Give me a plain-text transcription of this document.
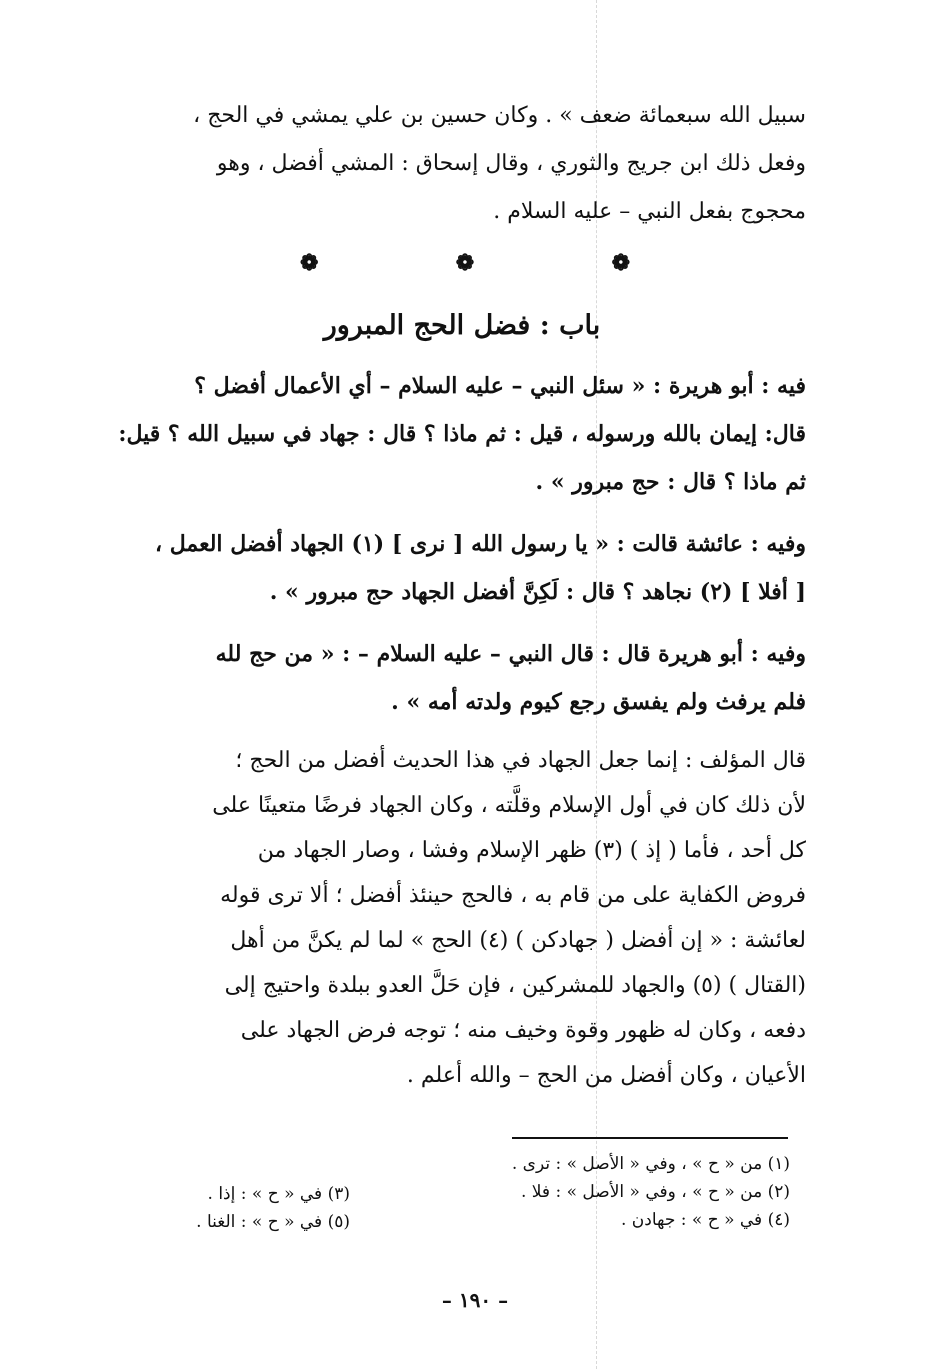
سبيل الله سبعمائة ضعف » . وكان حسين بن علي يمشي في الحج ،
وفعل ذلك ابن جريج والثوري ، وقال إسحاق : المشي أفضل ، وهو
محجوج بفعل النبي – عليه السلام .
❁	❁	❁
باب : فضل الحج المبرور
فيه : أبو هريرة : « سئل النبي – عليه السلام – أي الأعمال أفضل ؟
قال: إيمان بالله ورسوله ، قيل : ثم ماذا ؟ قال : جهاد في سبيل الله ؟ قيل:
ثم ماذا ؟ قال : حج مبرور » .
وفيه : عائشة قالت : « يا رسول الله [ نرى ] (١) الجهاد أفضل العمل ،
[ أفلا ] (٢) نجاهد ؟ قال : لَكِنَّ أفضل الجهاد حج مبرور » .
وفيه : أبو هريرة قال : قال النبي – عليه السلام – : « من حج لله
فلم يرفث ولم يفسق رجع كيوم ولدته أمه » .
قال المؤلف : إنما جعل الجهاد في هذا الحديث أفضل من الحج ؛
لأن ذلك كان في أول الإسلام وقلَّته ، وكان الجهاد فرضًا متعينًا على
كل أحد ، فأما ( إذ ) (٣) ظهر الإسلام وفشا ، وصار الجهاد من
فروض الكفاية على من قام به ، فالحج حينئذ أفضل ؛ ألا ترى قوله
لعائشة : « إن أفضل ( جهادكن ) (٤) الحج » لما لم يكنَّ من أهل
(القتال ) (٥) والجهاد للمشركين ، فإن حَلَّ العدو ببلدة واحتيج إلى
دفعه ، وكان له ظهور وقوة وخيف منه ؛ توجه فرض الجهاد على
الأعيان ، وكان أفضل من الحج – والله أعلم .
(١) من « ح » ، وفي « الأصل » : ترى .
(٢) من « ح » ، وفي « الأصل » : فلا .
(٤) في « ح » : جهادن .
(٣) في « ح » : إذا .
(٥) في « ح » : الغنا .
– ١٩٠ –
